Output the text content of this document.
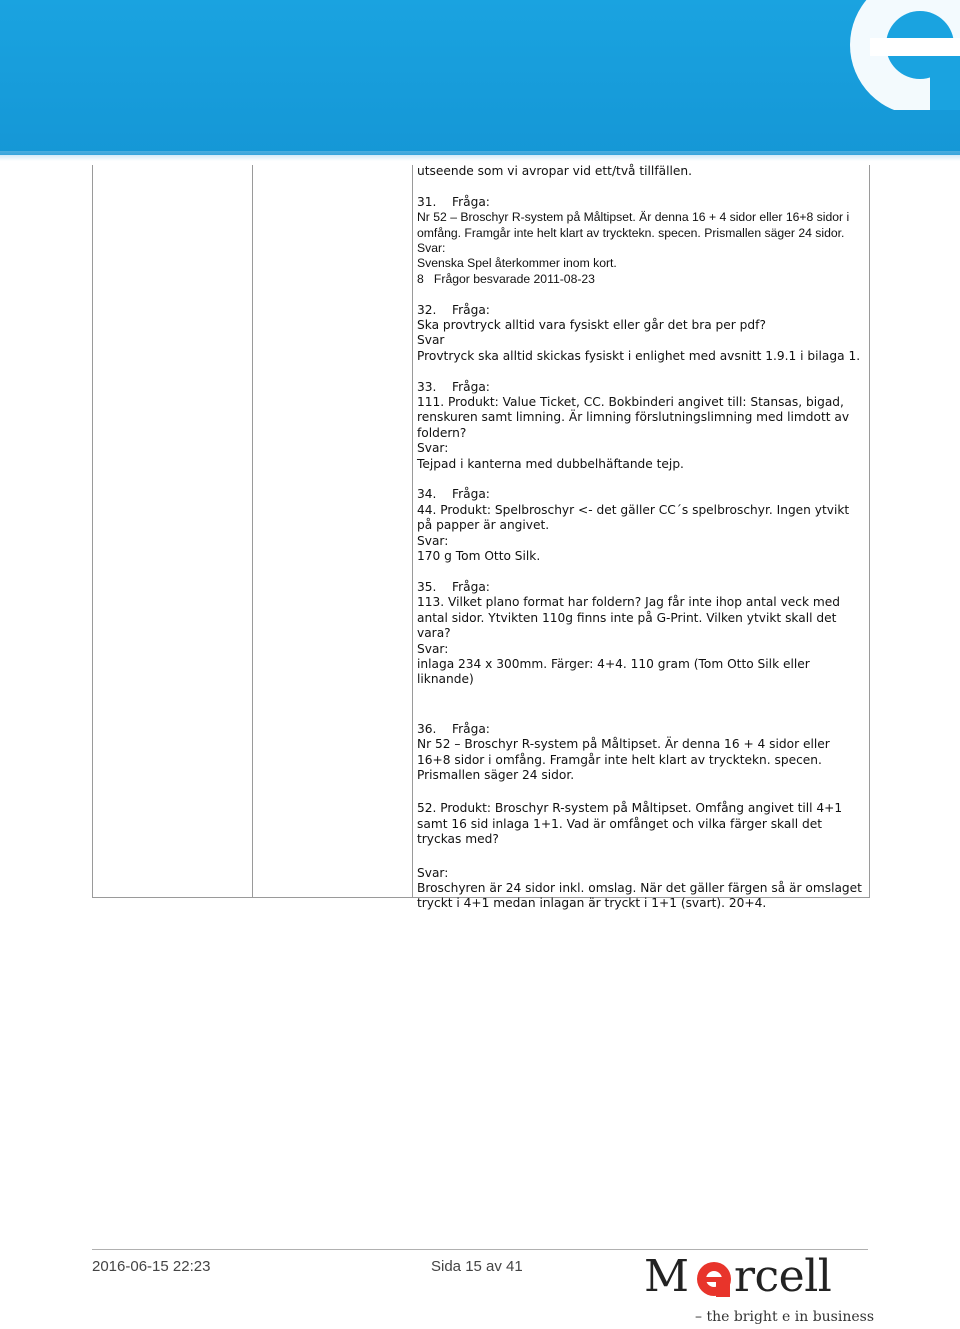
utseende som vi avropar vid ett/två tillfällen.

31. Fråga:

Nr 52 – Broschyr R-system på Måltipset. Är denna 16 + 4 sidor eller 16+8 sidor i omfång. Framgår inte helt klart av trycktekn. specen. Prismallen säger 24 sidor.

Svar:

Svenska Spel återkommer inom kort.

8   Frågor besvarade 2011-08-23

32. Fråga:

Ska provtryck alltid vara fysiskt eller går det bra per pdf?

Svar

Provtryck ska alltid skickas fysiskt i enlighet med avsnitt 1.9.1 i bilaga 1.

33. Fråga:

111. Produkt: Value Ticket, CC. Bokbinderi angivet till: Stansas, bigad, renskuren samt limning. Är limning förslutningslimning med limdott av foldern?

Svar:

Tejpad i kanterna med dubbelhäftande tejp.

34. Fråga:

44. Produkt: Spelbroschyr <- det gäller CC´s spelbroschyr. Ingen ytvikt på papper är angivet.

Svar:

170 g Tom Otto Silk.

35. Fråga:

113. Vilket plano format har foldern? Jag får inte ihop antal veck med antal sidor. Ytvikten 110g finns inte på G-Print. Vilken ytvikt skall det vara?

Svar:

inlaga 234 x 300mm. Färger: 4+4. 110 gram (Tom Otto Silk eller liknande)

36. Fråga:

Nr 52 – Broschyr R-system på Måltipset. Är denna 16 + 4 sidor eller 16+8 sidor i omfång. Framgår inte helt klart av trycktekn. specen. Prismallen säger 24 sidor.

52. Produkt: Broschyr R-system på Måltipset. Omfång angivet till 4+1 samt 16 sid inlaga 1+1. Vad är omfånget och vilka färger skall det tryckas med?

Svar:

Broschyren är 24 sidor inkl. omslag. När det gäller färgen så är omslaget tryckt i 4+1 medan inlagan är tryckt i 1+1 (svart). 20+4.

2016-06-15 22:23	Sida 15 av 41	M rcell
– the bright e in business
